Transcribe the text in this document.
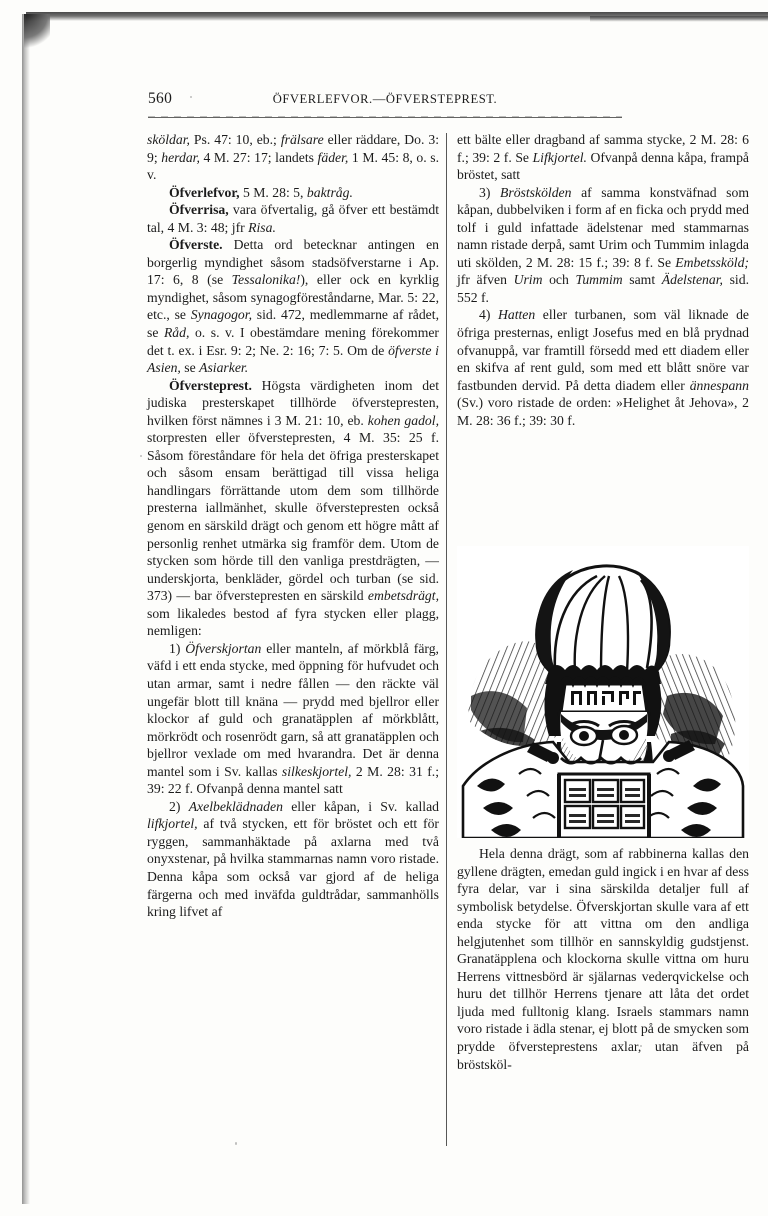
560	ÖFVERLEFVOR.—ÖFVERSTEPREST.

sköldar, Ps. 47: 10, eb.; frälsare eller räddare, Do. 3: 9; herdar, 4 M. 27: 17; landets fäder, 1 M. 45: 8, o. s. v.

Öfverlefvor, 5 M. 28: 5, baktråg.

Öfverrisa, vara öfvertalig, gå öfver ett bestämdt tal, 4 M. 3: 48; jfr Risa.

Öfverste. Detta ord betecknar antingen en borgerlig myndighet såsom stadsöfverstarne i Ap. 17: 6, 8 (se Tessalonika!), eller ock en kyrklig myndighet, såsom synagogföreståndarne, Mar. 5: 22, etc., se Synagogor, sid. 472, medlemmarne af rådet, se Råd, o. s. v. I obestämdare mening förekommer det t. ex. i Esr. 9: 2; Ne. 2: 16; 7: 5. Om de öfverste i Asien, se Asiarker.

Öfversteprest. Högsta värdigheten inom det judiska presterskapet tillhörde öfverstepresten, hvilken först nämnes i 3 M. 21: 10, eb. kohen gadol, storpresten eller öfverstepresten, 4 M. 35: 25 f. Såsom föreståndare för hela det öfriga presterskapet och såsom ensam berättigad till vissa heliga handlingars förrättande utom dem som tillhörde presterna iallmänhet, skulle öfverstepresten också genom en särskild drägt och genom ett högre mått af personlig renhet utmärka sig framför dem. Utom de stycken som hörde till den vanliga prestdrägten, — underskjorta, benkläder, gördel och turban (se sid. 373) — bar öfverstepresten en särskild embetsdrägt, som likaledes bestod af fyra stycken eller plagg, nemligen:

1) Öfverskjortan eller manteln, af mörkblå färg, väfd i ett enda stycke, med öppning för hufvudet och utan armar, samt i nedre fållen — den räckte väl ungefär blott till knäna — prydd med bjellror eller klockor af guld och granatäpplen af mörkblått, mörkrödt och rosenrödt garn, så att granatäpplen och bjellror vexlade om med hvarandra. Det är denna mantel som i Sv. kallas silkeskjortel, 2 M. 28: 31 f.; 39: 22 f. Ofvanpå denna mantel satt

2) Axelbeklädnaden eller kåpan, i Sv. kallad lifkjortel, af två stycken, ett för bröstet och ett för ryggen, sammanhäktade på axlarna med två onyxstenar, på hvilka stammarnas namn voro ristade. Denna kåpa som också var gjord af de heliga färgerna och med inväfda guldtrådar, sammanhölls kring lifvet af

ett bälte eller dragband af samma stycke, 2 M. 28: 6 f.; 39: 2 f. Se Lifkjortel. Ofvanpå denna kåpa, frampå bröstet, satt

3) Bröstskölden af samma konstväfnad som kåpan, dubbelviken i form af en ficka och prydd med tolf i guld infattade ädelstenar med stammarnas namn ristade derpå, samt Urim och Tummim inlagda uti skölden, 2 M. 28: 15 f.; 39: 8 f. Se Embetssköld; jfr äfven Urim och Tummim samt Ädelstenar, sid. 552 f.

4) Hatten eller turbanen, som väl liknade de öfriga presternas, enligt Josefus med en blå prydnad ofvanuppå, var framtill försedd med ett diadem eller en skifva af rent guld, som med ett blått snöre var fastbunden dervid. På detta diadem eller ännespann (Sv.) voro ristade de orden: »Helighet åt Jehova», 2 M. 28: 36 f.; 39: 30 f.

Hela denna drägt, som af rabbinerna kallas den gyllene drägten, emedan guld ingick i en hvar af dess fyra delar, var i sina särskilda detaljer full af symbolisk betydelse. Öfverskjortan skulle vara af ett enda stycke för att vittna om den andliga helgjutenhet som tillhör en sannskyldig gudstjenst. Granatäpplena och klockorna skulle vittna om huru Herrens vittnesbörd är själarnas vederqvickelse och huru det tillhör Herrens tjenare att låta det ordet ljuda med fulltonig klang. Israels stammars namn voro ristade i ädla stenar, ej blott på de smycken som prydde öfversteprestens axlar, utan äfven på bröstsköl-
